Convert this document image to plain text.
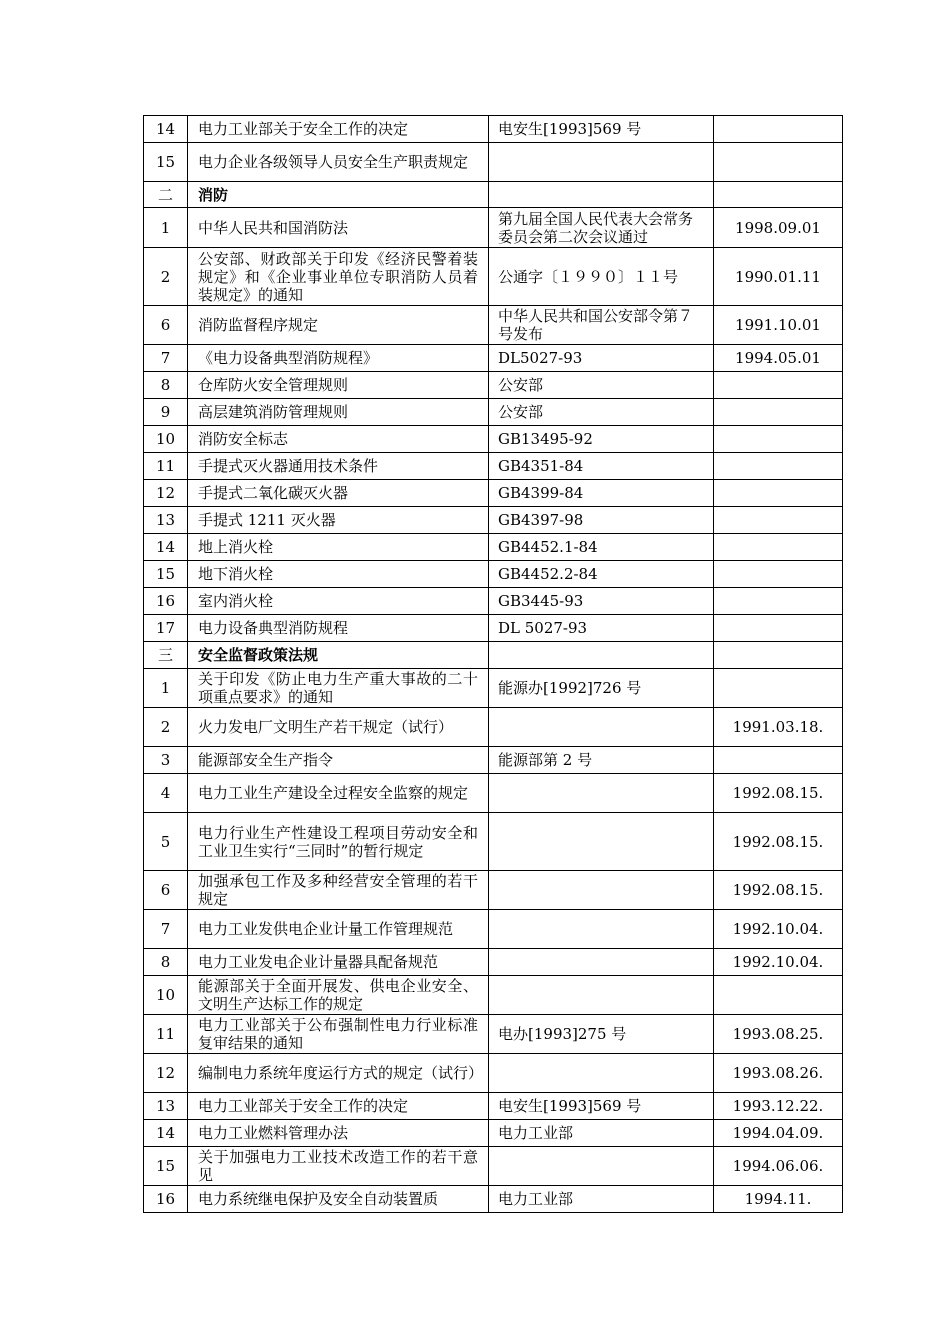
14	电力工业部关于安全工作的决定	电安生[1993]569 号	
15	电力企业各级领导人员安全生产职责规定		
二	消防		
1	中华人民共和国消防法	第九届全国人民代表大会常务委员会第二次会议通过	1998.09.01
2	公安部、财政部关于印发《经济民警着装规定》和《企业事业单位专职消防人员着装规定》的通知	公通字〔１９９０〕１１号	1990.01.11
6	消防监督程序规定	中华人民共和国公安部令第７号发布	1991.10.01
7	《电力设备典型消防规程》	DL5027-93	1994.05.01
8	仓库防火安全管理规则	公安部	
9	高层建筑消防管理规则	公安部	
10	消防安全标志	GB13495-92	
11	手提式灭火器通用技术条件	GB4351-84	
12	手提式二氧化碳灭火器	GB4399-84	
13	手提式 1211 灭火器	GB4397-98	
14	地上消火栓	GB4452.1-84	
15	地下消火栓	GB4452.2-84	
16	室内消火栓	GB3445-93	
17	电力设备典型消防规程	DL 5027-93	
三	安全监督政策法规		
1	关于印发《防止电力生产重大事故的二十项重点要求》的通知	能源办[1992]726 号	
2	火力发电厂文明生产若干规定（试行）		1991.03.18.
3	能源部安全生产指令	能源部第 2 号	
4	电力工业生产建设全过程安全监察的规定		1992.08.15.
5	电力行业生产性建设工程项目劳动安全和工业卫生实行“三同时”的暂行规定		1992.08.15.
6	加强承包工作及多种经营安全管理的若干规定		1992.08.15.
7	电力工业发供电企业计量工作管理规范		1992.10.04.
8	电力工业发电企业计量器具配备规范		1992.10.04.
10	能源部关于全面开展发、供电企业安全、文明生产达标工作的规定		
11	电力工业部关于公布强制性电力行业标准复审结果的通知	电办[1993]275 号	1993.08.25.
12	编制电力系统年度运行方式的规定（试行）		1993.08.26.
13	电力工业部关于安全工作的决定	电安生[1993]569 号	1993.12.22.
14	电力工业燃料管理办法	电力工业部	1994.04.09.
15	关于加强电力工业技术改造工作的若干意见		1994.06.06.
16	电力系统继电保护及安全自动装置质	电力工业部	1994.11.
